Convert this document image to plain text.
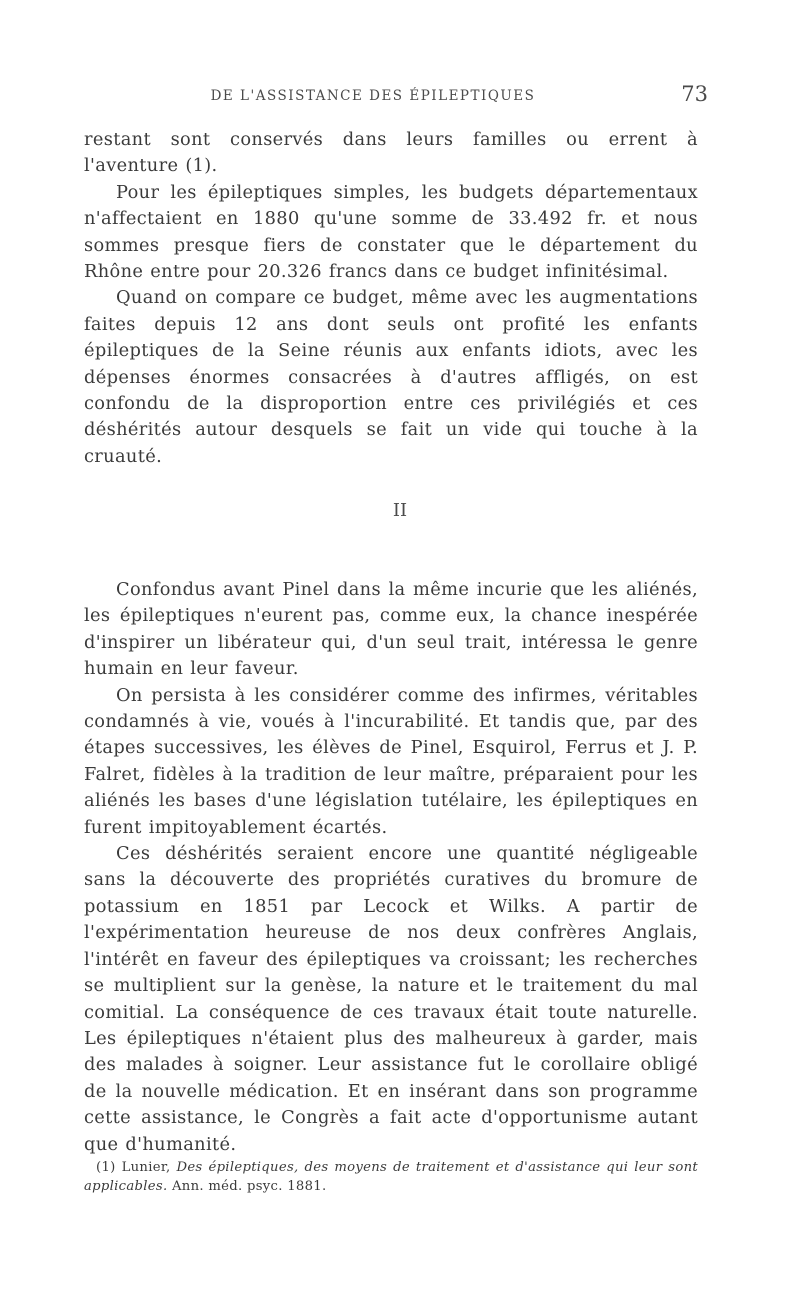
DE L'ASSISTANCE DES ÉPILEPTIQUES	73

restant sont conservés dans leurs familles ou errent à l'aventure (1).

Pour les épileptiques simples, les budgets départementaux n'affectaient en 1880 qu'une somme de 33.492 fr. et nous sommes presque fiers de constater que le département du Rhône entre pour 20.326 francs dans ce budget infinitésimal.

Quand on compare ce budget, même avec les augmentations faites depuis 12 ans dont seuls ont profité les enfants épileptiques de la Seine réunis aux enfants idiots, avec les dépenses énormes consacrées à d'autres affligés, on est confondu de la disproportion entre ces privilégiés et ces déshérités autour desquels se fait un vide qui touche à la cruauté.

II

Confondus avant Pinel dans la même incurie que les aliénés, les épileptiques n'eurent pas, comme eux, la chance inespérée d'inspirer un libérateur qui, d'un seul trait, intéressa le genre humain en leur faveur.

On persista à les considérer comme des infirmes, véritables condamnés à vie, voués à l'incurabilité. Et tandis que, par des étapes successives, les élèves de Pinel, Esquirol, Ferrus et J. P. Falret, fidèles à la tradition de leur maître, préparaient pour les aliénés les bases d'une législation tutélaire, les épileptiques en furent impitoyablement écartés.

Ces déshérités seraient encore une quantité négligeable sans la découverte des propriétés curatives du bromure de potassium en 1851 par Lecock et Wilks. A partir de l'expérimentation heureuse de nos deux confrères Anglais, l'intérêt en faveur des épileptiques va croissant; les recherches se multiplient sur la genèse, la nature et le traitement du mal comitial. La conséquence de ces travaux était toute naturelle. Les épileptiques n'étaient plus des malheureux à garder, mais des malades à soigner. Leur assistance fut le corollaire obligé de la nouvelle médication. Et en insérant dans son programme cette assistance, le Congrès a fait acte d'opportunisme autant que d'humanité.

(1) Lunier, Des épileptiques, des moyens de traitement et d'assistance qui leur sont applicables. Ann. méd. psyc. 1881.
